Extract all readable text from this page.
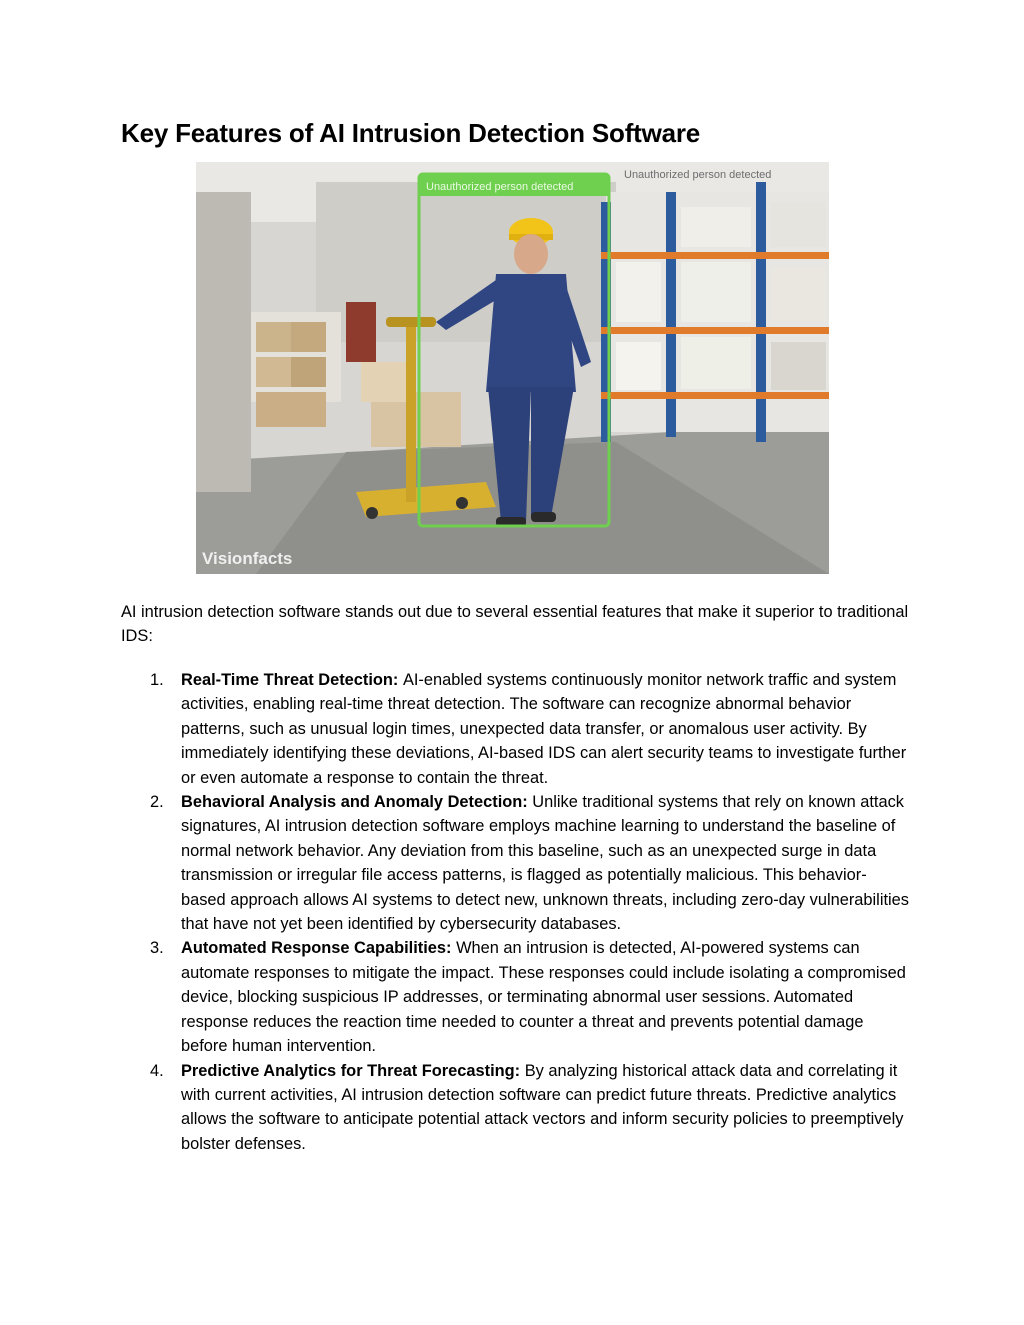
Key Features of AI Intrusion Detection Software
Unauthorized person detected
Unauthorized person detected
Visionfacts

AI intrusion detection software stands out due to several essential features that make it superior to traditional IDS:

1. Real-Time Threat Detection: AI-enabled systems continuously monitor network traffic and system activities, enabling real-time threat detection. The software can recognize abnormal behavior patterns, such as unusual login times, unexpected data transfer, or anomalous user activity. By immediately identifying these deviations, AI-based IDS can alert security teams to investigate further or even automate a response to contain the threat.
2. Behavioral Analysis and Anomaly Detection: Unlike traditional systems that rely on known attack signatures, AI intrusion detection software employs machine learning to understand the baseline of normal network behavior. Any deviation from this baseline, such as an unexpected surge in data transmission or irregular file access patterns, is flagged as potentially malicious. This behavior-based approach allows AI systems to detect new, unknown threats, including zero-day vulnerabilities that have not yet been identified by cybersecurity databases.
3. Automated Response Capabilities: When an intrusion is detected, AI-powered systems can automate responses to mitigate the impact. These responses could include isolating a compromised device, blocking suspicious IP addresses, or terminating abnormal user sessions. Automated response reduces the reaction time needed to counter a threat and prevents potential damage before human intervention.
4. Predictive Analytics for Threat Forecasting: By analyzing historical attack data and correlating it with current activities, AI intrusion detection software can predict future threats. Predictive analytics allows the software to anticipate potential attack vectors and inform security policies to preemptively bolster defenses.
